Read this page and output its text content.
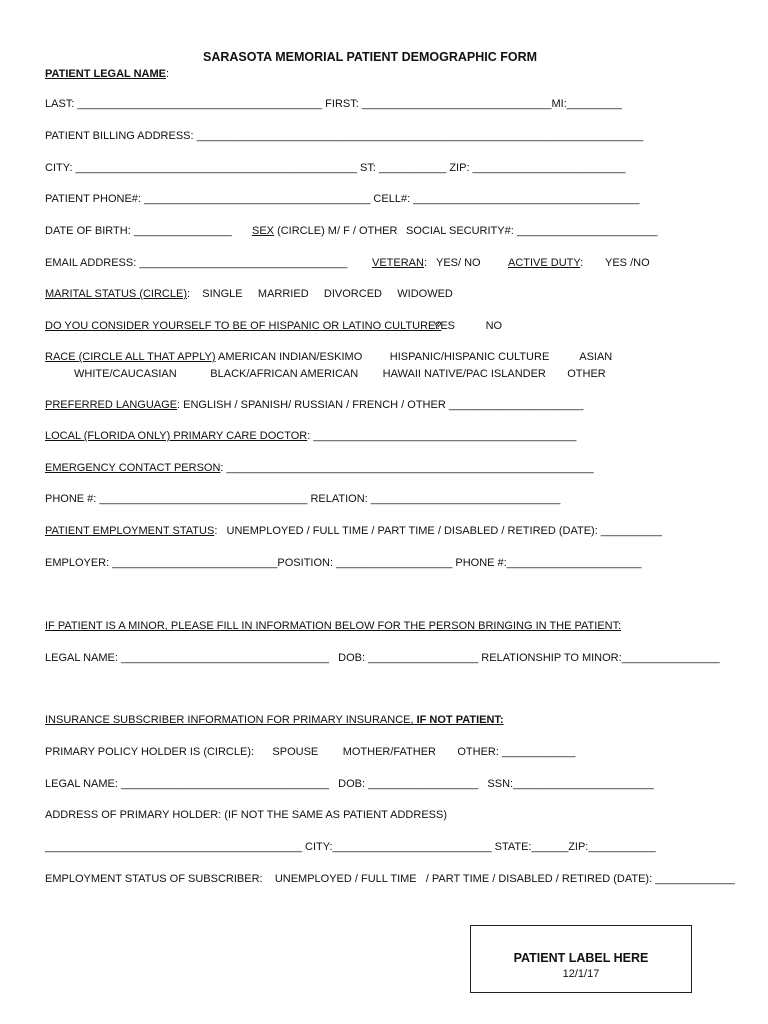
SARASOTA MEMORIAL PATIENT DEMOGRAPHIC FORM
PATIENT LEGAL NAME:
LAST: ________________________________________ FIRST: _______________________________MI:_________
PATIENT BILLING ADDRESS: _________________________________________________________________________
CITY: ______________________________________________ ST: ___________ ZIP: _________________________
PATIENT PHONE#: _____________________________________ CELL#: _____________________________________
DATE OF BIRTH: ________________ SEX (CIRCLE) M/ F / OTHER SOCIAL SECURITY#: _______________________
EMAIL ADDRESS: __________________________________ VETERAN:   YES/ NO ACTIVE DUTY: YES /NO
MARITAL STATUS (CIRCLE):    SINGLE     MARRIED     DIVORCED     WIDOWED
DO YOU CONSIDER YOURSELF TO BE OF HISPANIC OR LATINO CULTURE?
YES          NO
RACE (CIRCLE ALL THAT APPLY) AMERICAN INDIAN/ESKIMO         HISPANIC/HISPANIC CULTURE          ASIAN
WHITE/CAUCASIAN           BLACK/AFRICAN AMERICAN        HAWAII NATIVE/PAC ISLANDER       OTHER
PREFERRED LANGUAGE: ENGLISH / SPANISH/ RUSSIAN / FRENCH / OTHER ______________________
LOCAL (FLORIDA ONLY) PRIMARY CARE DOCTOR: ___________________________________________
EMERGENCY CONTACT PERSON: ____________________________________________________________
PHONE #: __________________________________ RELATION: _______________________________
PATIENT EMPLOYMENT STATUS:   UNEMPLOYED / FULL TIME / PART TIME / DISABLED / RETIRED (DATE): __________
EMPLOYER: ___________________________POSITION: ___________________ PHONE #:______________________
IF PATIENT IS A MINOR, PLEASE FILL IN INFORMATION BELOW FOR THE PERSON BRINGING IN THE PATIENT:
LEGAL NAME: __________________________________   DOB: __________________ RELATIONSHIP TO MINOR:________________
INSURANCE SUBSCRIBER INFORMATION FOR PRIMARY INSURANCE, IF NOT PATIENT:
PRIMARY POLICY HOLDER IS (CIRCLE):      SPOUSE        MOTHER/FATHER       OTHER: ____________
LEGAL NAME: __________________________________   DOB: __________________   SSN:_______________________
ADDRESS OF PRIMARY HOLDER: (IF NOT THE SAME AS PATIENT ADDRESS)
__________________________________________ CITY:__________________________ STATE:______ZIP:___________
EMPLOYMENT STATUS OF SUBSCRIBER:    UNEMPLOYED / FULL TIME   / PART TIME / DISABLED / RETIRED (DATE): _____________
PATIENT LABEL HERE
12/1/17
